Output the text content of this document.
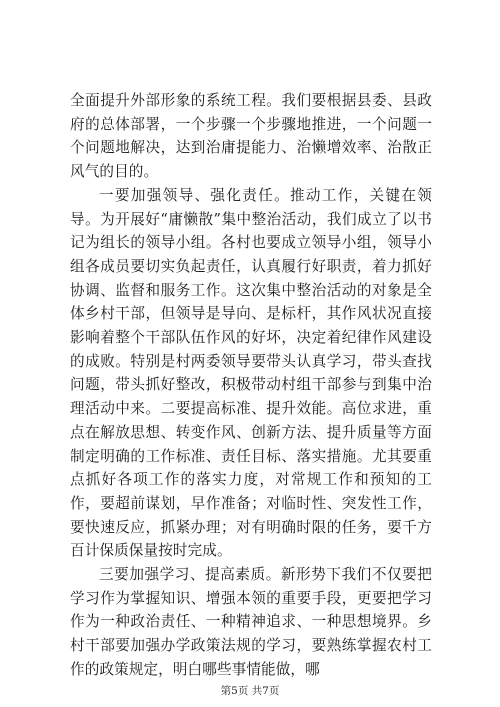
全面提升外部形象的系统工程。我们要根据县委、县政府的总体部署，一个步骤一个步骤地推进，一个问题一个问题地解决，达到治庸提能力、治懒增效率、治散正风气的目的。

一要加强领导、强化责任。推动工作，关键在领导。为开展好“庸懒散”集中整治活动，我们成立了以书记为组长的领导小组。各村也要成立领导小组，领导小组各成员要切实负起责任，认真履行好职责，着力抓好协调、监督和服务工作。这次集中整治活动的对象是全体乡村干部，但领导是导向、是标杆，其作风状况直接影响着整个干部队伍作风的好坏，决定着纪律作风建设的成败。特别是村两委领导要带头认真学习，带头查找问题，带头抓好整改，积极带动村组干部参与到集中治理活动中来。二要提高标准、提升效能。高位求进，重点在解放思想、转变作风、创新方法、提升质量等方面制定明确的工作标准、责任目标、落实措施。尤其要重点抓好各项工作的落实力度，对常规工作和预知的工作，要超前谋划，早作准备；对临时性、突发性工作，要快速反应，抓紧办理；对有明确时限的任务，要千方百计保质保量按时完成。

三要加强学习、提高素质。新形势下我们不仅要把学习作为掌握知识、增强本领的重要手段，更要把学习作为一种政治责任、一种精神追求、一种思想境界。乡村干部要加强办学政策法规的学习，要熟练掌握农村工作的政策规定，明白哪些事情能做，哪

第5页 共7页
